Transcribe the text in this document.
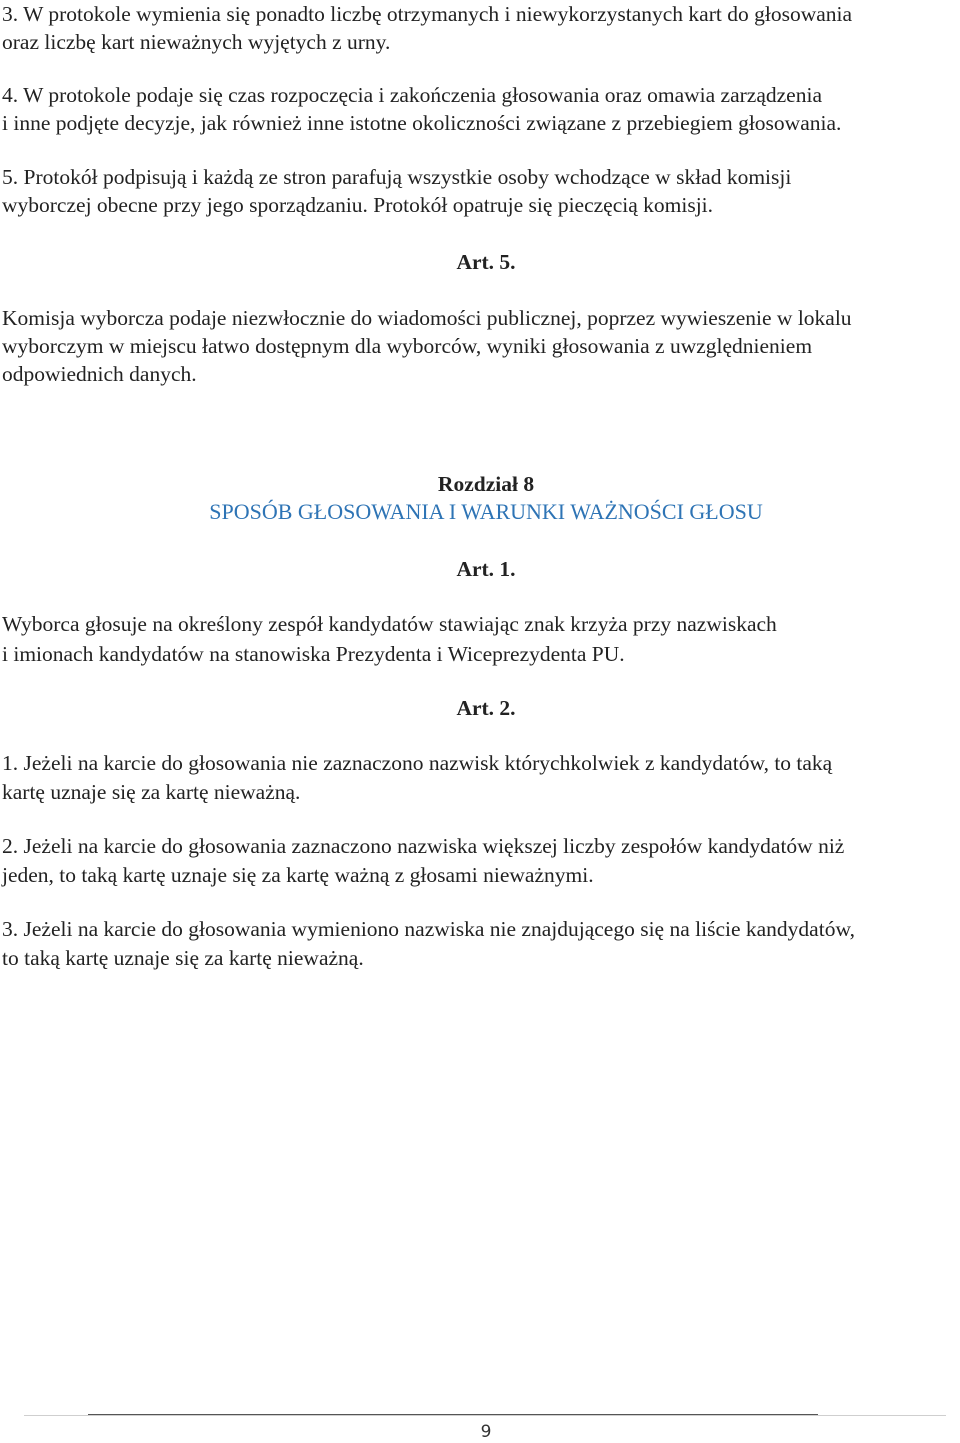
3. W protokole wymienia się ponadto liczbę otrzymanych i niewykorzystanych kart do głosowania

oraz liczbę kart nieważnych wyjętych z urny.

4. W protokole podaje się czas rozpoczęcia i zakończenia głosowania oraz omawia zarządzenia

i inne podjęte decyzje, jak również inne istotne okoliczności związane z przebiegiem głosowania.

5. Protokół podpisują i każdą ze stron parafują wszystkie osoby wchodzące w skład komisji

wyborczej obecne przy jego sporządzaniu. Protokół opatruje się pieczęcią komisji.

Art. 5.

Komisja wyborcza podaje niezwłocznie do wiadomości publicznej, poprzez wywieszenie w lokalu

wyborczym w miejscu łatwo dostępnym dla wyborców, wyniki głosowania z uwzględnieniem

odpowiednich danych.

Rozdział 8

SPOSÓB GŁOSOWANIA I WARUNKI WAŻNOŚCI GŁOSU

Art. 1.

Wyborca głosuje na określony zespół kandydatów stawiając znak krzyża przy nazwiskach

i imionach kandydatów na stanowiska Prezydenta i Wiceprezydenta PU.

Art. 2.

1. Jeżeli na karcie do głosowania nie zaznaczono nazwisk którychkolwiek z kandydatów, to taką

kartę uznaje się za kartę nieważną.

2. Jeżeli na karcie do głosowania zaznaczono nazwiska większej liczby zespołów kandydatów niż

jeden, to taką kartę uznaje się za kartę ważną z głosami nieważnymi.

3. Jeżeli na karcie do głosowania wymieniono nazwiska nie znajdującego się na liście kandydatów,

to taką kartę uznaje się za kartę nieważną.

9
